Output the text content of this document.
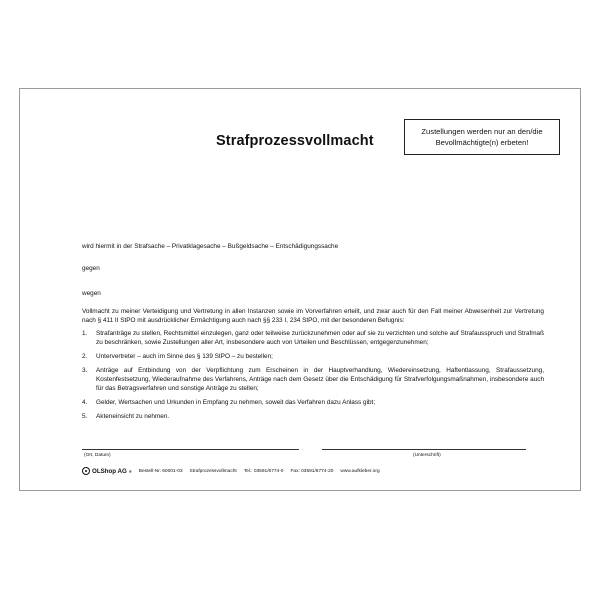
Strafprozessvollmacht
Zustellungen werden nur an den/die
Bevollmächtigte(n) erbeten!
wird hiermit in der Strafsache – Privatklagesache – Bußgeldsache – Entschädigungssache
gegen
wegen
Vollmacht zu meiner Verteidigung und Vertretung in allen Instanzen sowie im Vorverfahren erteilt, und zwar auch für den Fall meiner Abwesenheit zur Vertretung nach § 411 II StPO mit ausdrücklicher Ermächtigung auch nach §§ 233 I, 234 StPO, mit der besonderen Befugnis:
1. Strafanträge zu stellen, Rechtsmittel einzulegen, ganz oder teilweise zurückzunehmen oder auf sie zu verzichten und solche auf Strafausspruch und Strafmaß zu beschränken, sowie Zustellungen aller Art, insbesondere auch von Urteilen und Beschlüssen, entgegenzunehmen;
2. Untervertreter – auch im Sinne des § 139 StPO – zu bestellen;
3. Anträge auf Entbindung von der Verpflichtung zum Erscheinen in der Hauptverhandlung, Wiedereinsetzung, Haftentlassung, Strafaussetzung, Kostenfestsetzung, Wiederaufnahme des Verfahrens, Anträge nach dem Gesetz über die Entschädigung für Strafverfolgungsmaßnahmen, insbesondere auch für das Betragsverfahren und sonstige Anträge zu stellen;
4. Gelder, Wertsachen und Urkunden in Empfang zu nehmen, soweit das Verfahren dazu Anlass gibt;
5. Akteneinsicht zu nehmen.
(Ort, Datum)	(Unterschrift)
OLShop AG ® Bestell-Nr. 60001-03 Strafprozessvollmacht Tel.: 03591/6774-0 Fax: 03591/6774-20 www.aufkleber.org
